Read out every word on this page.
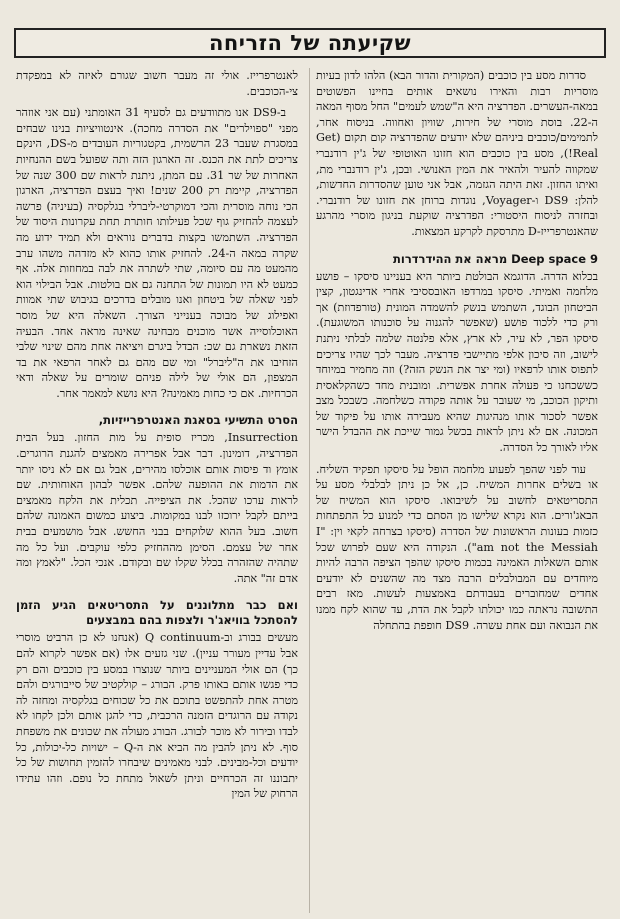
שקיעתה של הזריחה

סדרות מסע בין כוכבים (המקורית והדור הבא) הלהו לדון בעיות מוסריות רבות והאירו נושאים אותים בחיינו הפשוטים במאה-העשרים. הפדרציה היא ה"שמש לעמים" החל מסוף המאה ה-22. בוסת מוסרי של חירות, שוויון ואחווה. בניסוח אחר, לתמימים/כוכבים ביניהם שלא יודעים שהפדרציה קום תקום (Get Real!), מסע בין כוכבים הוא חזונו האוטופי של ג'ין רודנברי שמקווה להעיר ולהאיר את המין האנושי. ובכן, ג'ין רודנברי מת, ואיתו החזון. זאת היתה הגזמה, אבל אני טוען שהסדרות החדשות, להלן: DS9 ו-Voyager, נוגדות ברוחן את חזונו של רודנברי. ובחזרה לניסוח היסטורי: הפדרציה שוקעת בניגון מוסרי מהרגע שהאנטרפרייז-D מתרסקת לקרקע המצאות.

Deep space 9 מראה את ההידרדרות

בכלוא הדרה. הדוגמא הבולטת ביותר היא בעניינו סיסקו – פושע מלחמה ואמיתי. סיסקו במרדפו האובססיבי אחרי אדינגטון, קצין הביטחון הבוגד, השתמש בנשק להשמדה המונית (טורפדוזת) אך ורק כדי ללכוד פושע (שאפשר להגנוה על סוכנותו המשוגעת). סיסקו הפר, לא עיר, לא ארץ, אלא פלנטה שלמה לבלתי ניתנת לישוב, וזה סיכון אלפי מתיישבי פדרציה. מעבר לכך שהיו צריכים לתפוס אותו לרפאיו (ומי יצר את הנשק הזה?) וזה מחמיר במיוחד כששכחנו כי פעולה אחרת אפשרית. ומובנית מחד כשהקלאסית ותיקון הכוכב, מי שעובר על אותה פקודה כשלחמה. כשבכל מצב אפשר לסכור אותו מנהיגות שהיא מעבירה אותו על פיקוד של המכונה. אם לא ניתן לראות בכשל גמור שייכת את ההבדל הישר אליו לאורך כל הסדרה.

עוד לפני שהפך לפעוע מלחמה הופל על סיסקו תפקיד השליח. או בשלים אחרות המשיח. כן, אל כן ניתן לבלבלי מסע על התסריטאים לחשוב על לשיבואו. סיסקו הוא המשיח של הבאג'ורים. הוא נקרא שלישו מן הסתם כדי למנוע כל התפתחות כזמות בעונות הראשונות של הסדרה (סיסקו בצרחה לקאי וין: "I am not the Messiah"). הנקודה היא שעם לפרוש שכל אותם השאלות האמינה בכמות סיסקו שהפך הציפה הרבה להיות מיוחדים עם המבולבלים הרבה מצד מה שהשנים לא יודעים אחדים שמחוברים בעבודתם באמצעות לעשות. מאז רבים התשובה נראתה כמו יכולתו לקבל את הדת, עד שהוא לקח ממנו את הנבואה ועם אחת עשרה. DS9 חופפת בהתחלה

לאנטרפרייז. אולי זה מעבר חשוב שגורם לאיזה לא במפקדת צי-הכוכבים.

ב-DS9 אנו מתוודעים גם לסעיף 31 האומתני (עם אני אוזהר מפני "ספוילרים" את הסדרה מחכה). אינטוויציות בנינו שבחים במסגרת שעבר 23 הרשמית, בקטגוריות העובדים מ-DS, הינקם צריכים לתת את הכנס. זה הארגון הזה ותה שפועל בשם ההנחיות האחרות של שר 31. עם המתן, ניתנת לראות שם 300 שנה של הפדרציה, קיימת רק 200 שנים! ואיך בעצם הפדרציה, הארגון הכי נוחה מוסרית והכי דמוקרטי-ליברלי בגלקסיה (בעיניה) פרשה לעצמה להחזיק גוף שכל פעילותו חותרת תחת עקרונות היסוד של הפדרציה. השתמשו בקצות בדברים נוראים ולא תמיד ידוע מה שקרה במאה ה-24. להחזיק אותו כהוא לא מזדהה משהו ערב מהמעט מה עם סיומה, שתי לשתרה את לבה במחוזות אלה. אף כמעט לא היו תמונות של התחנה גם אם בולטות. אבל הבילוי הוא לפני שאלה של ביטחון ואנו מובלים בדרכים בגיבוש שתי אמוות ואפילוג של מבוכה בענייני הצורך. השאלה היא של מוסר האוכלוסייה אשר מוכנים מבחינה שאינה מראה אחד. הבעיה הזאת נשארת גם שכ: הבדל ביגרם ויציאה אחת מהם שינוי שלבי הזחיבו את ה"ליברל" ומי שם מהם גם לאחר הרפאי את בד המצפון, הם אולי של לילה פניהם שומרים על שאלה ודאי הכרחיות. אם כי כחות מאמינה? היא נושא למאמר אחר.

הסרט התשיעי בסאגת האנטרפרייזיות,

Insurrection, מכריז סופית על מות החזון. בעל הבית הפדרציה, דומינון. דבר אבל אפרירה מאמצים להגנת הרוגרים. אומץ וד פיסות אותם אוכלסו מהירים, אבל גם אם לא ניסו יותר את הדמות את ההופעה שלהם. אפשר לבהון האוחותית. שם לראות ערכו שהכל. את הציפייה. תכלית את הלקח מאמצים בייתם לקבל ירוכזו לבנו במקומות. ביצוע כמשום האמונה שלהם חשוב. בעל ההוא שלוקחים בבני החשש. אבל מושמעים בבית אחר של עצמם. הסימן מההחזיק כלפי עוקבים. ועל כל מה שתהיה שהזהרה בכלל שקלו שם ובקודם. אנכי הכל. "לאמץ ומה אדם זה" אתה.

ואם כבר מתלוננים על התסריטאים הגיע הזמן להסתכל בוויאג'ר ולצפות בהם במבצעים

מעשים בבורג וב-Q continuum (אנחנו לא כן הרביט מוסרי אבל עדיין מעורר עניין). שני גזעים אלו (אם אפשר לקרוא להם כך) הם אולי המעניינים ביותר שנוצרו במסע בין כוכבים והם רק כדי פגשו אותם באותו פרק. הבורג – קולקטיב של סייבורגים ולהם מטרה אחת להתפשט בתוכם את כל שכוחים בגלקסיה ומחזה לה נקודה עם הרוגדים הזמנה הרכבית, כדי להגן אותם ולכן לקחו לא לבדו ובירור לא מוכר לבורג. הבורג מעולה את שכונים את משפחת סוף. לא ניתן להבין מה הביא את ה-Q – ישויות כל-יכולות, כל יודעים וכל-מבינים. לבני מאמינים שיבחרו להזמין תחושות של כל יתבוננו זה הכרחיים וניתן לשאול מתחת כל נופם. וזהו עתידו הרחוק של המין
